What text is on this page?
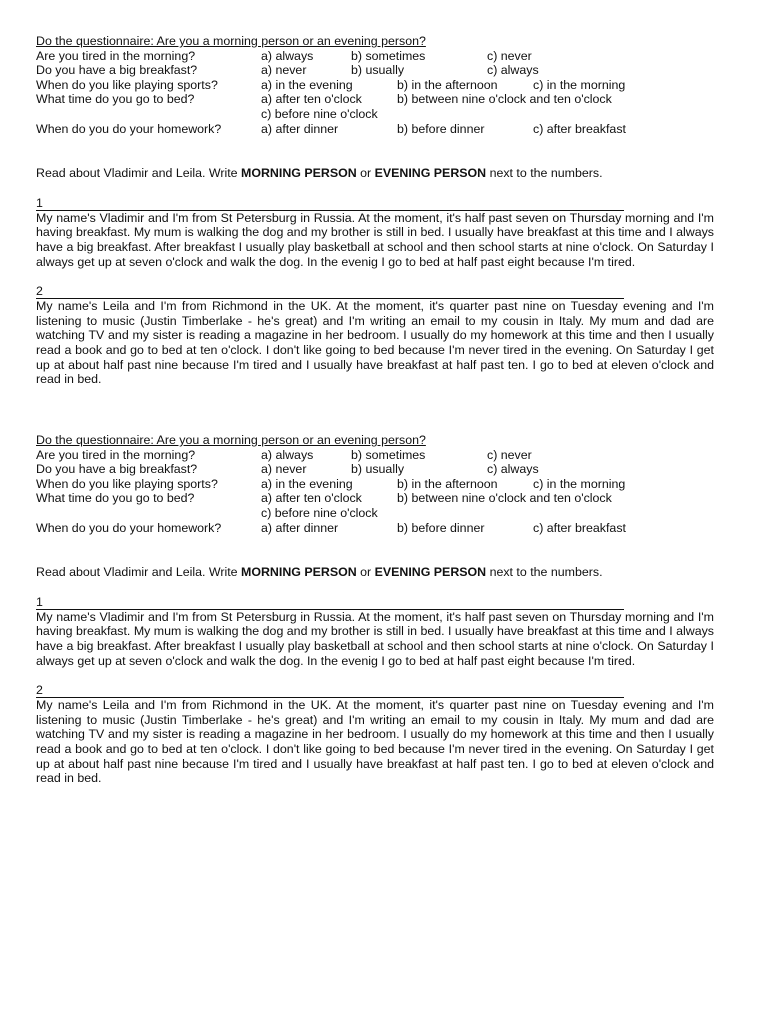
Do the questionnaire: Are you a morning person or an evening person?
Are you tired in the morning?	a) always	b) sometimes	c) never
Do you have a big breakfast?	a) never	b) usually	c) always
When do you like playing sports?	a) in the evening	b) in the afternoon	c) in the morning
What time do you go to bed?	a) after ten o'clock	b) between nine o'clock and ten o'clock
c) before nine o'clock
When do you do your homework?	a) after dinner	b) before dinner	c) after breakfast
Read about Vladimir and Leila. Write MORNING PERSON or EVENING PERSON next to the numbers.
1

My name's Vladimir and I'm from St Petersburg in Russia. At the moment, it's half past seven on Thursday morning and I'm having breakfast. My mum is walking the dog and my brother is still in bed. I usually have breakfast at this time and I always have a big breakfast. After breakfast I usually play basketball at school and then school starts at nine o'clock. On Saturday I always get up at seven o'clock and walk the dog. In the evenig I go to bed at half past eight because I'm tired.

2

My name's Leila and I'm from Richmond in the UK. At the moment, it's quarter past nine on Tuesday evening and I'm listening to music (Justin Timberlake - he's great) and I'm writing an email to my cousin in Italy. My mum and dad are watching TV and my sister is reading a magazine in her bedroom. I usually do my homework at this time and then I usually read a book and go to bed at ten o'clock. I don't like going to bed because I'm never tired in the evening. On Saturday I get up at about half past nine because I'm tired and I usually have breakfast at half past ten. I go to bed at eleven o'clock and read in bed.

Do the questionnaire: Are you a morning person or an evening person?
Are you tired in the morning?	a) always	b) sometimes	c) never
Do you have a big breakfast?	a) never	b) usually	c) always
When do you like playing sports?	a) in the evening	b) in the afternoon	c) in the morning
What time do you go to bed?	a) after ten o'clock	b) between nine o'clock and ten o'clock
c) before nine o'clock
When do you do your homework?	a) after dinner	b) before dinner	c) after breakfast
Read about Vladimir and Leila. Write MORNING PERSON or EVENING PERSON next to the numbers.
1

My name's Vladimir and I'm from St Petersburg in Russia. At the moment, it's half past seven on Thursday morning and I'm having breakfast. My mum is walking the dog and my brother is still in bed. I usually have breakfast at this time and I always have a big breakfast. After breakfast I usually play basketball at school and then school starts at nine o'clock. On Saturday I always get up at seven o'clock and walk the dog. In the evenig I go to bed at half past eight because I'm tired.

2

My name's Leila and I'm from Richmond in the UK. At the moment, it's quarter past nine on Tuesday evening and I'm listening to music (Justin Timberlake - he's great) and I'm writing an email to my cousin in Italy. My mum and dad are watching TV and my sister is reading a magazine in her bedroom. I usually do my homework at this time and then I usually read a book and go to bed at ten o'clock. I don't like going to bed because I'm never tired in the evening. On Saturday I get up at about half past nine because I'm tired and I usually have breakfast at half past ten. I go to bed at eleven o'clock and read in bed.
